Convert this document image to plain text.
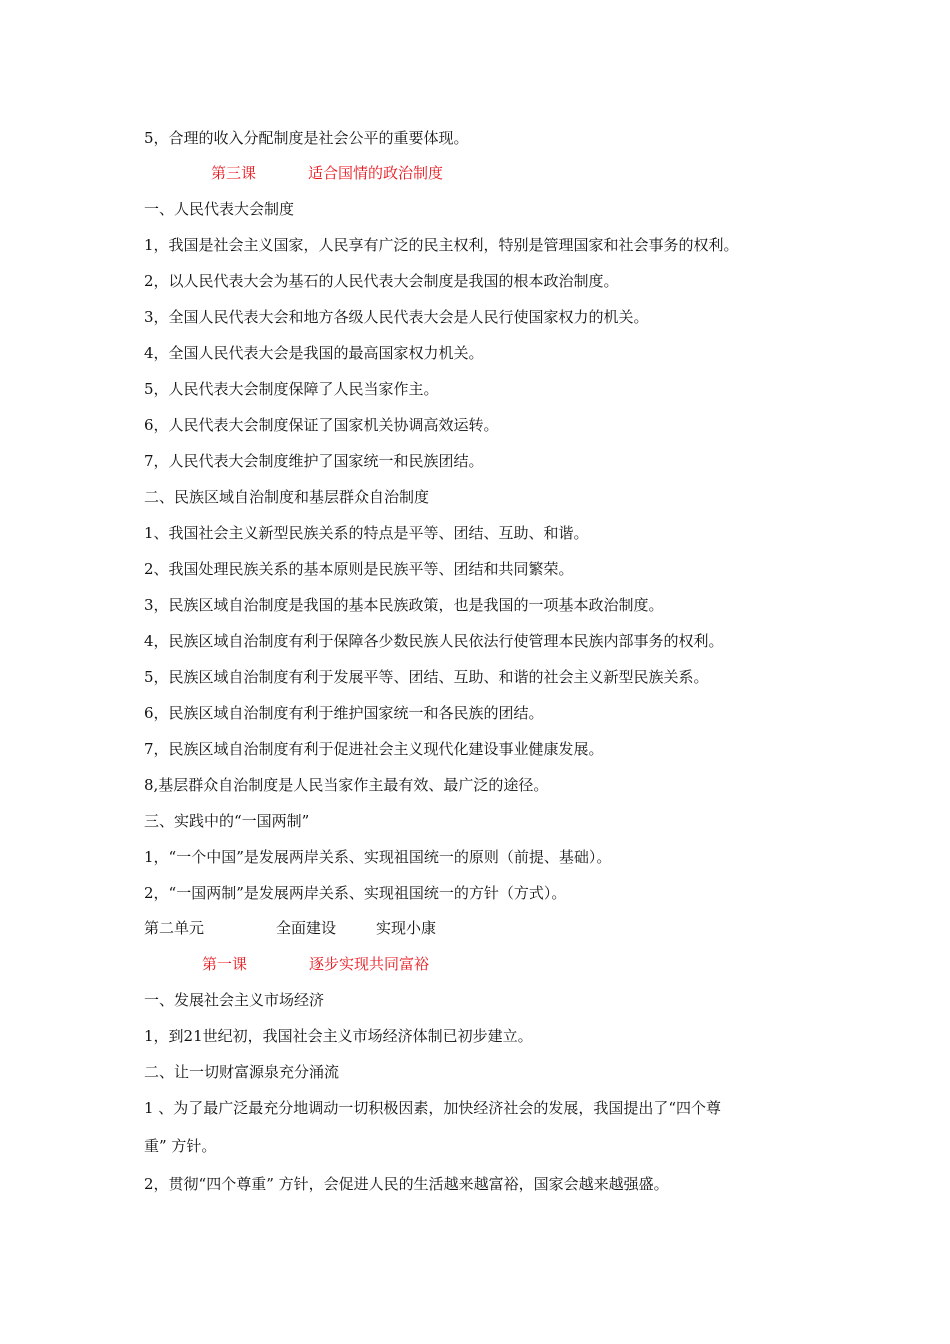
5，合理的收入分配制度是社会公平的重要体现。
第三课	适合国情的政治制度
一、人民代表大会制度
1，我国是社会主义国家，人民享有广泛的民主权利，特别是管理国家和社会事务的权利。
2，以人民代表大会为基石的人民代表大会制度是我国的根本政治制度。
3，全国人民代表大会和地方各级人民代表大会是人民行使国家权力的机关。
4，全国人民代表大会是我国的最高国家权力机关。
5，人民代表大会制度保障了人民当家作主。
6，人民代表大会制度保证了国家机关协调高效运转。
7，人民代表大会制度维护了国家统一和民族团结。
二、民族区域自治制度和基层群众自治制度
1、我国社会主义新型民族关系的特点是平等、团结、互助、和谐。
2、我国处理民族关系的基本原则是民族平等、团结和共同繁荣。
3，民族区域自治制度是我国的基本民族政策，也是我国的一项基本政治制度。
4，民族区域自治制度有利于保障各少数民族人民依法行使管理本民族内部事务的权利。
5，民族区域自治制度有利于发展平等、团结、互助、和谐的社会主义新型民族关系。
6，民族区域自治制度有利于维护国家统一和各民族的团结。
7，民族区域自治制度有利于促进社会主义现代化建设事业健康发展。
8,基层群众自治制度是人民当家作主最有效、最广泛的途径。
三、实践中的“一国两制”
1，“一个中国”是发展两岸关系、实现祖国统一的原则（前提、基础）。
2，“一国两制”是发展两岸关系、实现祖国统一的方针（方式）。
第二单元	全面建设	实现小康
第一课	逐步实现共同富裕
一、发展社会主义市场经济
1，到21世纪初，我国社会主义市场经济体制已初步建立。
二、让一切财富源泉充分涌流
1 、为了最广泛最充分地调动一切积极因素，加快经济社会的发展，我国提出了“四个尊
重” 方针。
2，贯彻“四个尊重” 方针，会促进人民的生活越来越富裕，国家会越来越强盛。
